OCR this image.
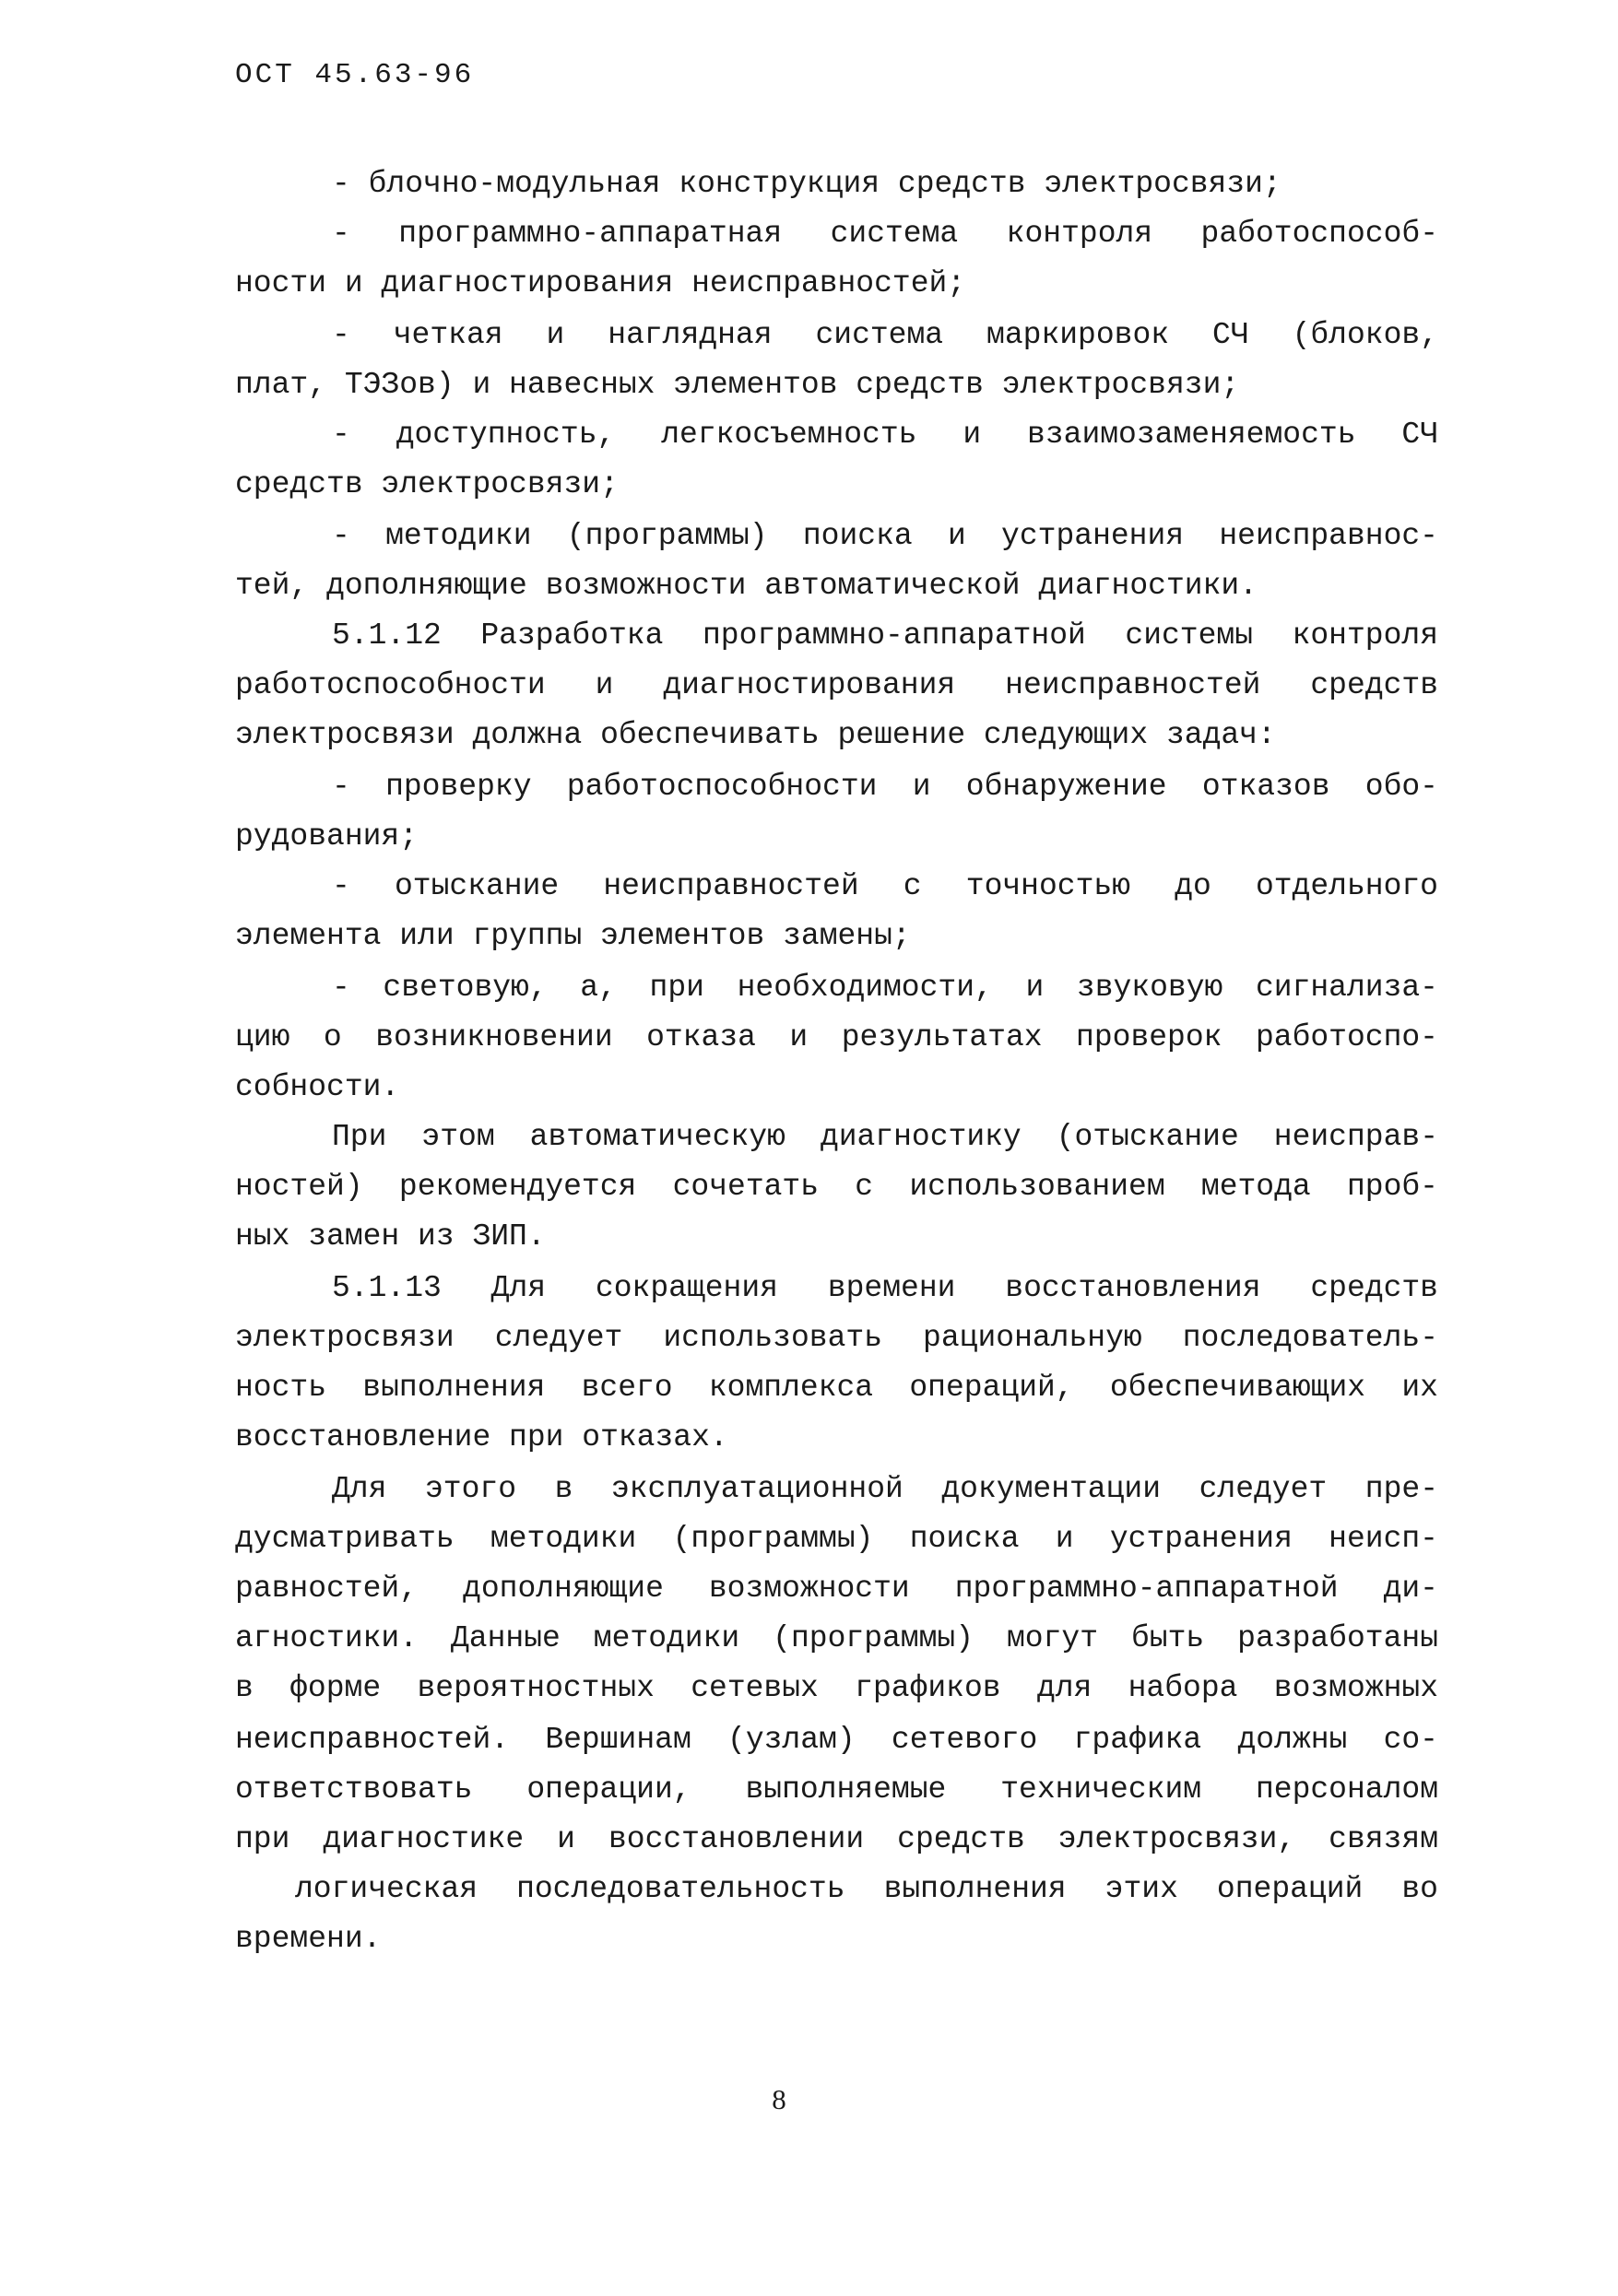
ОСТ 45.63-96
- блочно-модульная конструкция средств электросвязи;
- программно-аппаратная система контроля работоспособ-
ности и диагностирования неисправностей;
- четкая и наглядная система маркировок СЧ (блоков,
плат, ТЭЗов) и навесных элементов средств электросвязи;
- доступность, легкосъемность и взаимозаменяемость СЧ
средств электросвязи;
- методики (программы) поиска и устранения неисправнос-
тей, дополняющие возможности автоматической диагностики.
5.1.12 Разработка программно-аппаратной системы контроля
работоспособности и диагностирования неисправностей средств
электросвязи должна обеспечивать решение следующих задач:
- проверку работоспособности и обнаружение отказов обо-
рудования;
- отыскание неисправностей с точностью до отдельного
элемента или группы элементов замены;
- световую, а, при необходимости, и звуковую сигнализа-
цию о возникновении отказа и результатах проверок работоспо-
собности.
При этом автоматическую диагностику (отыскание неисправ-
ностей) рекомендуется сочетать с использованием метода проб-
ных замен из ЗИП.
5.1.13 Для сокращения времени восстановления средств
электросвязи следует использовать рациональную последователь-
ность выполнения всего комплекса операций, обеспечивающих их
восстановление при отказах.
Для этого в эксплуатационной документации следует пре-
дусматривать методики (программы) поиска и устранения неисп-
равностей, дополняющие возможности программно-аппаратной ди-
агностики. Данные методики (программы) могут быть разработаны
в форме вероятностных сетевых графиков для набора возможных
неисправностей. Вершинам (узлам) сетевого графика должны со-
ответствовать операции, выполняемые техническим персоналом
при диагностике и восстановлении средств электросвязи, связям
логическая последовательность выполнения этих операций во
времени.
8
